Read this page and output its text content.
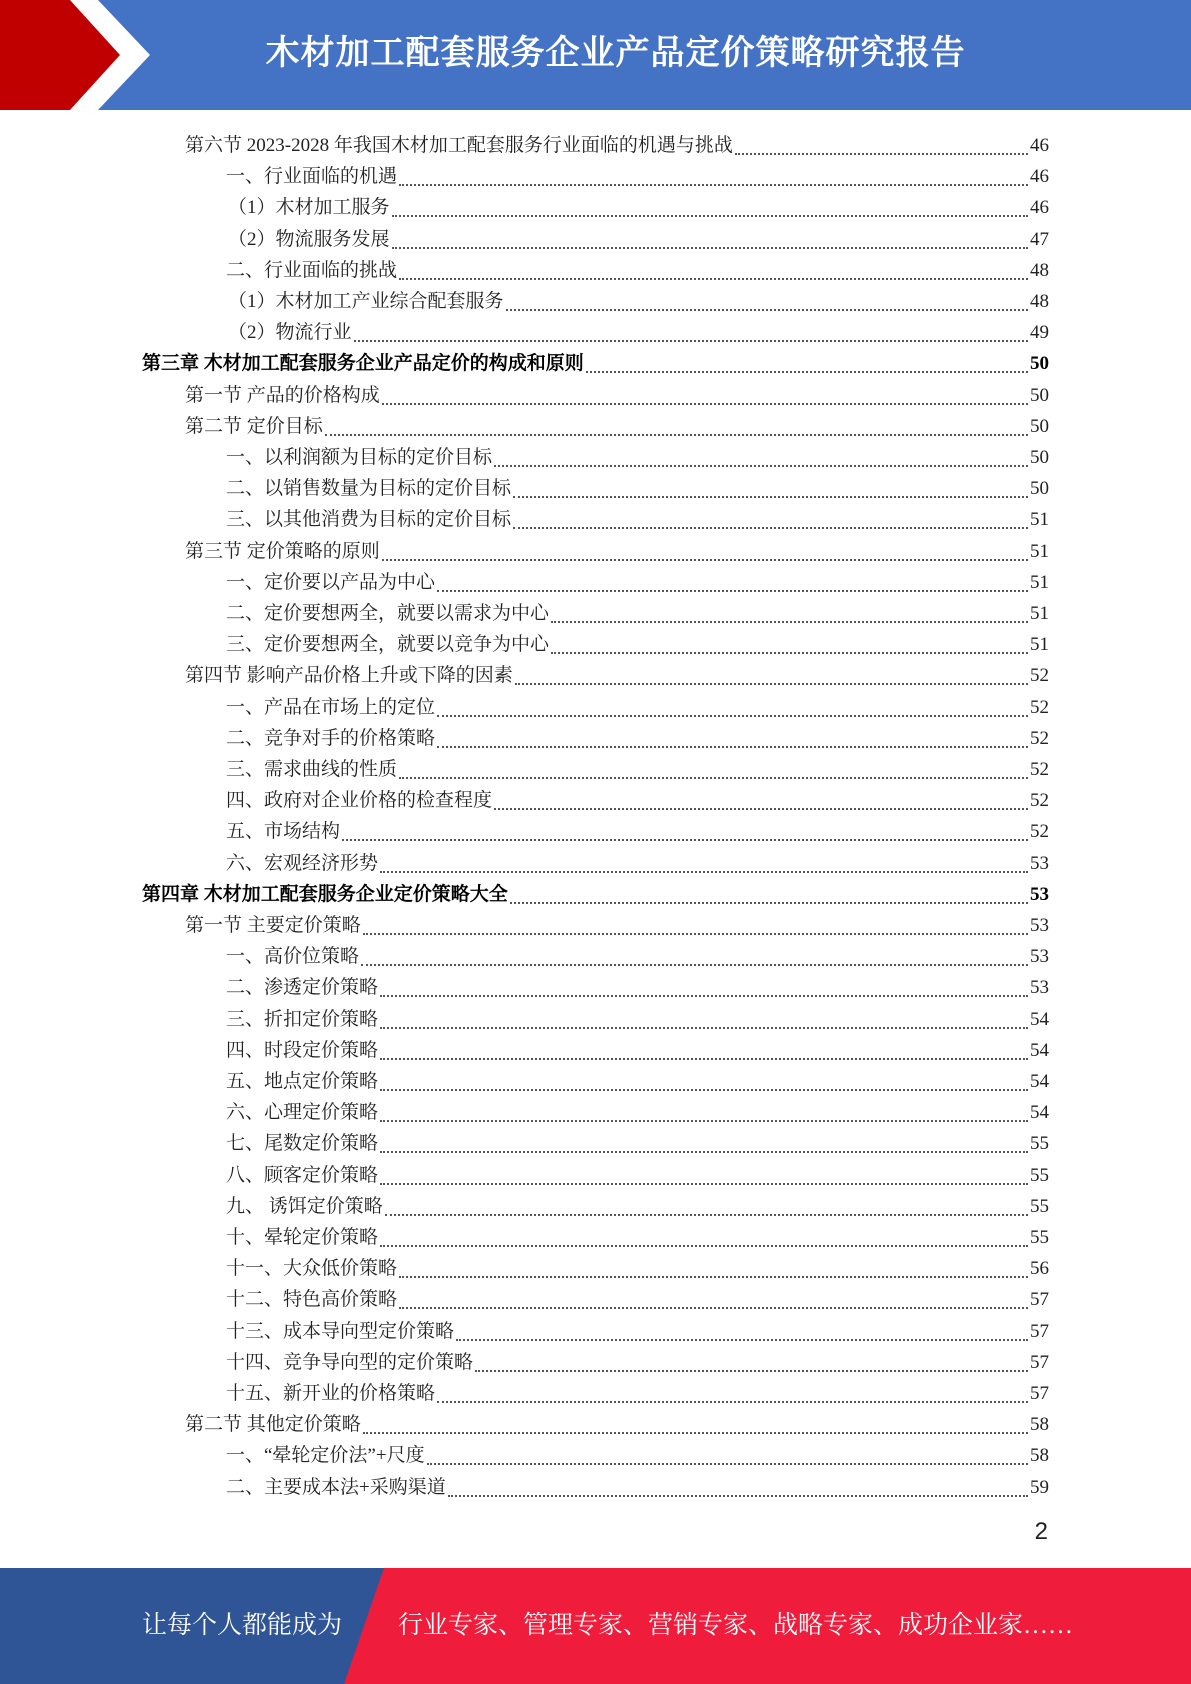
木材加工配套服务企业产品定价策略研究报告
第六节 2023-2028 年我国木材加工配套服务行业面临的机遇与挑战	46
一、行业面临的机遇	46
（1）木材加工服务	46
（2）物流服务发展	47
二、行业面临的挑战	48
（1）木材加工产业综合配套服务	48
（2）物流行业	49
第三章 木材加工配套服务企业产品定价的构成和原则	50
第一节 产品的价格构成	50
第二节 定价目标	50
一、以利润额为目标的定价目标	50
二、以销售数量为目标的定价目标	50
三、以其他消费为目标的定价目标	51
第三节 定价策略的原则	51
一、定价要以产品为中心	51
二、定价要想两全，就要以需求为中心	51
三、定价要想两全，就要以竞争为中心	51
第四节 影响产品价格上升或下降的因素	52
一、产品在市场上的定位	52
二、竞争对手的价格策略	52
三、需求曲线的性质	52
四、政府对企业价格的检查程度	52
五、市场结构	52
六、宏观经济形势	53
第四章 木材加工配套服务企业定价策略大全	53
第一节 主要定价策略	53
一、高价位策略	53
二、渗透定价策略	53
三、折扣定价策略	54
四、时段定价策略	54
五、地点定价策略	54
六、心理定价策略	54
七、尾数定价策略	55
八、顾客定价策略	55
九、 诱饵定价策略	55
十、晕轮定价策略	55
十一、大众低价策略	56
十二、特色高价策略	57
十三、成本导向型定价策略	57
十四、竞争导向型的定价策略	57
十五、新开业的价格策略	57
第二节 其他定价策略	58
一、“晕轮定价法”+尺度	58
二、主要成本法+采购渠道	59
2
让每个人都能成为 行业专家、管理专家、营销专家、战略专家、成功企业家……
